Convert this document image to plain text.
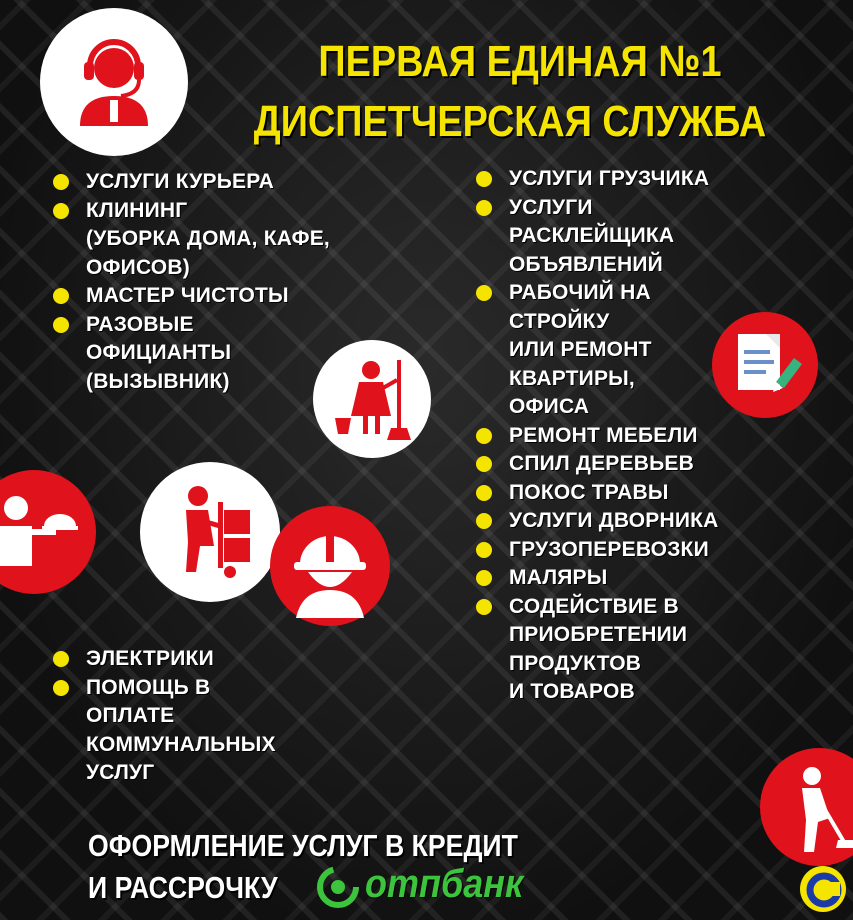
ПЕРВАЯ ЕДИНАЯ №1
ДИСПЕТЧЕРСКАЯ СЛУЖБА
УСЛУГИ КУРЬЕРА
КЛИНИНГ
(УБОРКА ДОМА, КАФЕ,
ОФИСОВ)
МАСТЕР ЧИСТОТЫ
РАЗОВЫЕ
ОФИЦИАНТЫ
(ВЫЗЫВНИК)
УСЛУГИ ГРУЗЧИКА
УСЛУГИ
РАСКЛЕЙЩИКА
ОБЪЯВЛЕНИЙ
РАБОЧИЙ НА
СТРОЙКУ
ИЛИ РЕМОНТ
КВАРТИРЫ,
ОФИСА
РЕМОНТ МЕБЕЛИ
СПИЛ ДЕРЕВЬЕВ
ПОКОС ТРАВЫ
УСЛУГИ ДВОРНИКА
ГРУЗОПЕРЕВОЗКИ
МАЛЯРЫ
СОДЕЙСТВИЕ В
ПРИОБРЕТЕНИИ
ПРОДУКТОВ
И ТОВАРОВ
ЭЛЕКТРИКИ
ПОМОЩЬ В
ОПЛАТЕ
КОММУНАЛЬНЫХ
УСЛУГ
ОФОРМЛЕНИЕ УСЛУГ В КРЕДИТ
И РАССРОЧКУ отпбанк
